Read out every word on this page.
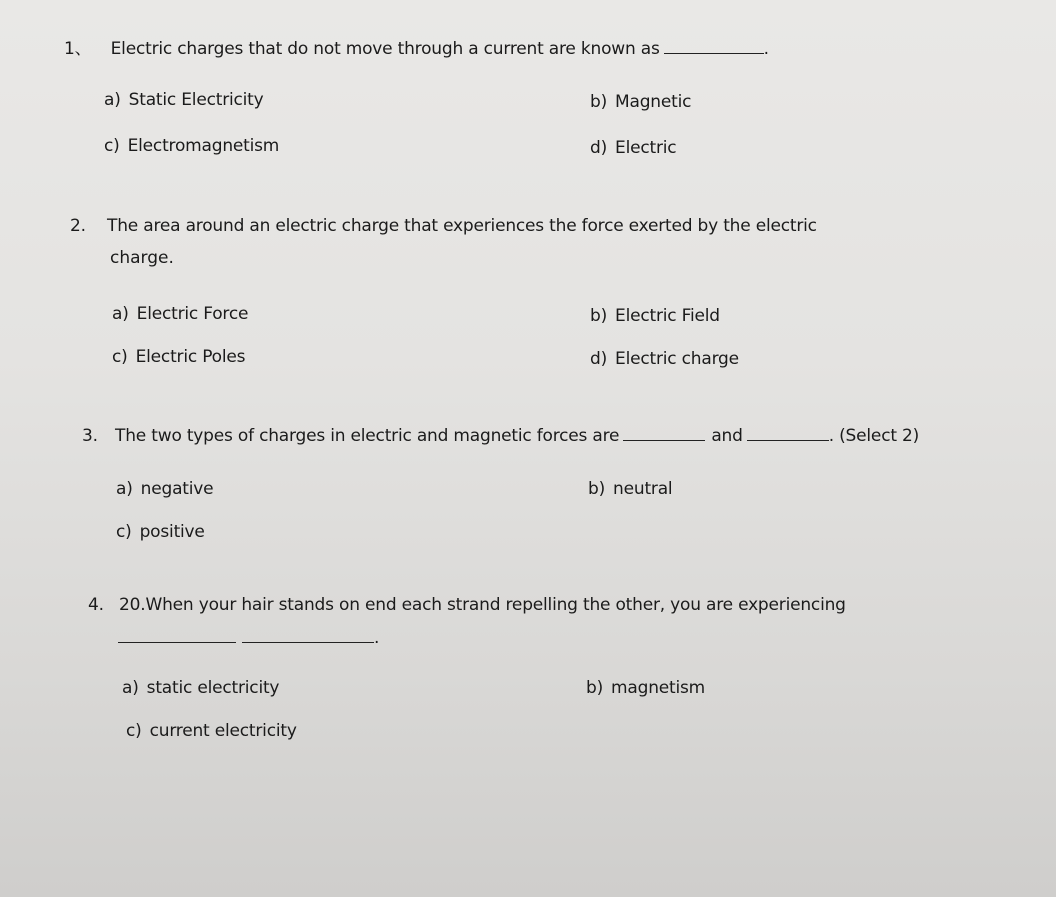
1、 Electric charges that do not move through a current are known as	.
a) Static Electricity	b) Magnetic
c) Electromagnetism	d) Electric
2. The area around an electric charge that experiences the force exerted by the electric
charge.
a) Electric Force	b) Electric Field
c) Electric Poles	d) Electric charge
3. The two types of charges in electric and magnetic forces are	and	. (Select 2)
a) negative	b) neutral
c) positive
4. 20.When your hair stands on end each strand repelling the other, you are experiencing
.
a) static electricity	b) magnetism
c) current electricity
